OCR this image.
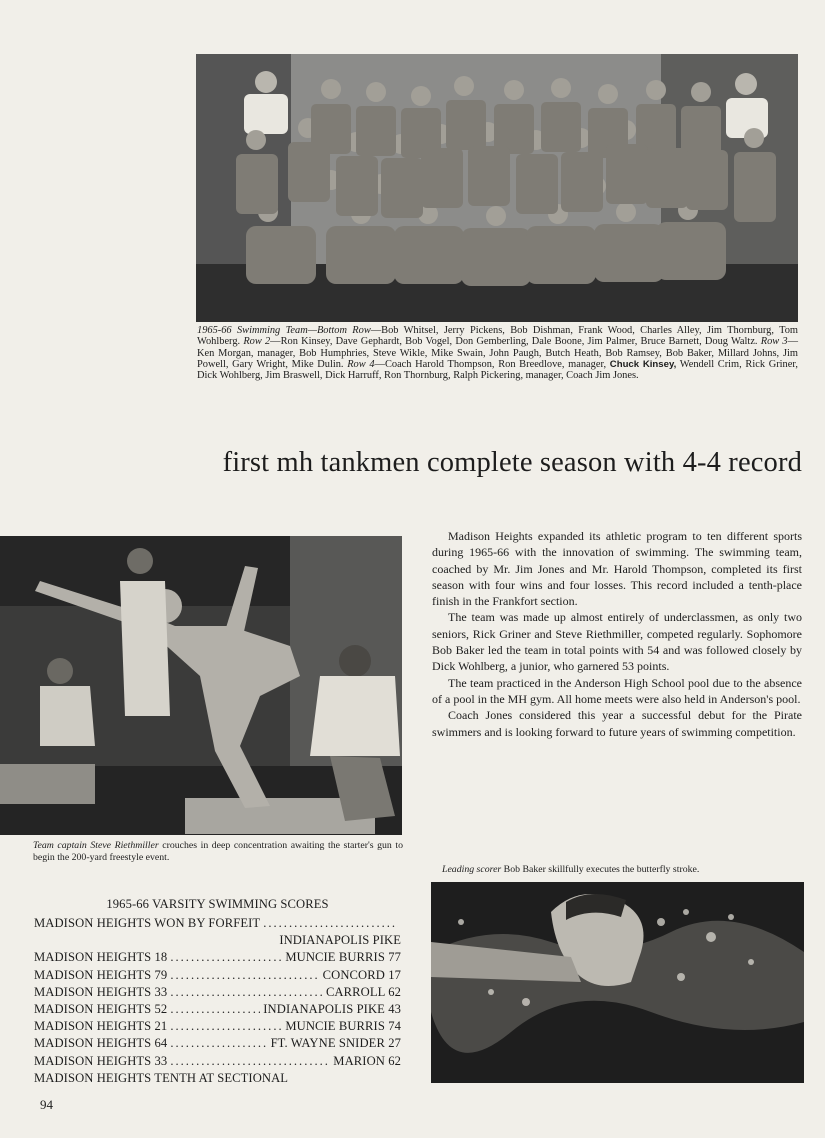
1965-66 Swimming Team—Bottom Row—Bob Whitsel, Jerry Pickens, Bob Dishman, Frank Wood, Charles Alley, Jim Thornburg, Tom Wohlberg. Row 2—Ron Kinsey, Dave Gephardt, Bob Vogel, Don Gemberling, Dale Boone, Jim Palmer, Bruce Barnett, Doug Waltz. Row 3—Ken Morgan, manager, Bob Humphries, Steve Wikle, Mike Swain, John Paugh, Butch Heath, Bob Ramsey, Bob Baker, Millard Johns, Jim Powell, Gary Wright, Mike Dulin. Row 4—Coach Harold Thompson, Ron Breedlove, manager, Chuck Kinsey, Wendell Crim, Rick Griner, Dick Wohlberg, Jim Braswell, Dick Harruff, Ron Thornburg, Ralph Pickering, manager, Coach Jim Jones.

first mh tankmen complete season with 4-4 record

Team captain Steve Riethmiller crouches in deep concentration awaiting the starter's gun to begin the 200-yard freestyle event.

Madison Heights expanded its athletic program to ten different sports during 1965-66 with the innovation of swimming. The swimming team, coached by Mr. Jim Jones and Mr. Harold Thompson, completed its first season with four wins and four losses. This record included a tenth-place finish in the Frankfort section.

The team was made up almost entirely of underclassmen, as only two seniors, Rick Griner and Steve Riethmiller, competed regularly. Sophomore Bob Baker led the team in total points with 54 and was followed closely by Dick Wohlberg, a junior, who garnered 53 points.

The team practiced in the Anderson High School pool due to the absence of a pool in the MH gym. All home meets were also held in Anderson's pool.

Coach Jones considered this year a successful debut for the Pirate swimmers and is looking forward to future years of swimming competition.

Leading scorer Bob Baker skillfully executes the butterfly stroke.

1965-66 VARSITY SWIMMING SCORES
MADISON HEIGHTS WON BY FORFEIT
.....
INDIANAPOLIS PIKE
MADISON HEIGHTS 18 .....	MUNCIE BURRIS 77
MADISON HEIGHTS 79 .....	CONCORD 17
MADISON HEIGHTS 33 .....	CARROLL 62
MADISON HEIGHTS 52 .....	INDIANAPOLIS PIKE 43
MADISON HEIGHTS 21 .....	MUNCIE BURRIS 74
MADISON HEIGHTS 64 .....	FT. WAYNE SNIDER 27
MADISON HEIGHTS 33 .....	MARION 62
MADISON HEIGHTS TENTH AT SECTIONAL

94
